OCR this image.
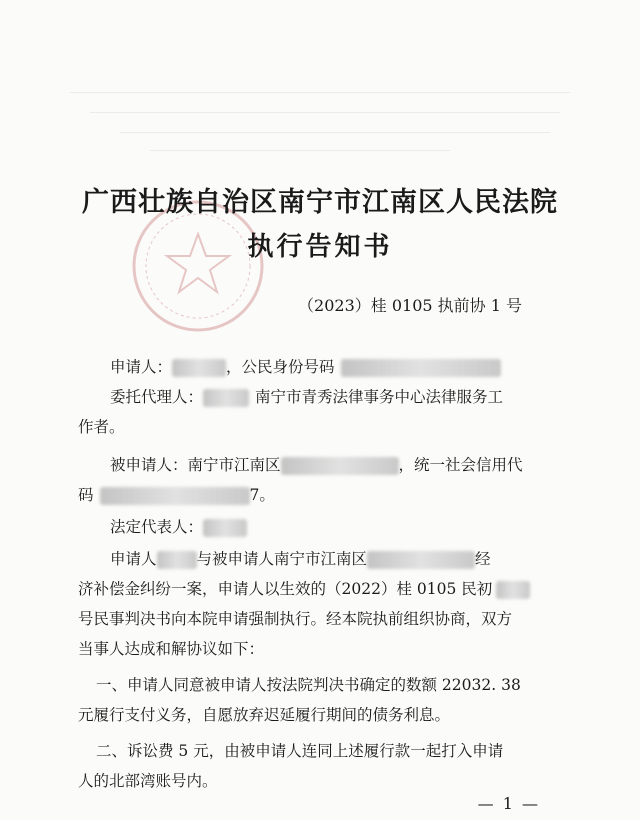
广西壮族自治区南宁市江南区人民法院
执行告知书
（2023）桂 0105 执前协 1 号
申请人：	，公民身份号码
委托代理人：	南宁市青秀法律事务中心法律服务工
作者。
被申请人：南宁市江南区	，统一社会信用代
码	7。
法定代表人：
申请人	与被申请人南宁市江南区	经
济补偿金纠纷一案，申请人以生效的（2022）桂 0105 民初
号民事判决书向本院申请强制执行。经本院执前组织协商，双方
当事人达成和解协议如下：
一、申请人同意被申请人按法院判决书确定的数额 22032. 38
元履行支付义务，自愿放弃迟延履行期间的债务利息。
二、诉讼费 5 元，由被申请人连同上述履行款一起打入申请
人的北部湾账号内。
— 1 —
